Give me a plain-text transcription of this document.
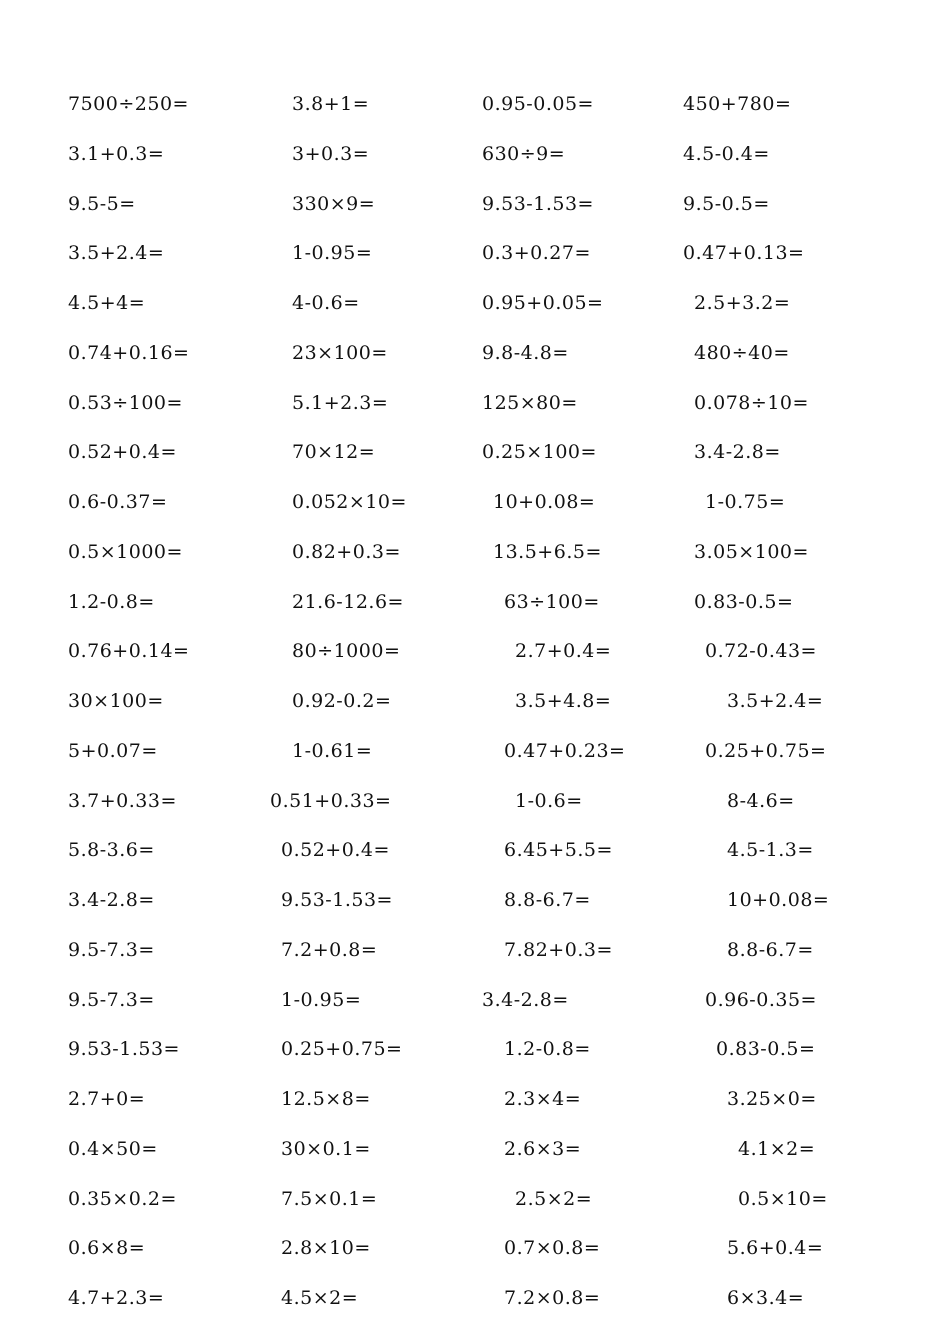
7500÷250=	3.8+1=	0.95-0.05=	450+780=
3.1+0.3=	3+0.3=	630÷9=	4.5-0.4=
9.5-5=	330×9=	9.53-1.53=	9.5-0.5=
3.5+2.4=	1-0.95=	0.3+0.27=	0.47+0.13=
4.5+4=	4-0.6=	0.95+0.05=	2.5+3.2=
0.74+0.16=	23×100=	9.8-4.8=	480÷40=
0.53÷100=	5.1+2.3=	125×80=	0.078÷10=
0.52+0.4=	70×12=	0.25×100=	3.4-2.8=
0.6-0.37=	0.052×10=	10+0.08=	1-0.75=
0.5×1000=	0.82+0.3=	13.5+6.5=	3.05×100=
1.2-0.8=	21.6-12.6=	63÷100=	0.83-0.5=
0.76+0.14=	80÷1000=	2.7+0.4=	0.72-0.43=
30×100=	0.92-0.2=	3.5+4.8=	3.5+2.4=
5+0.07=	1-0.61=	0.47+0.23=	0.25+0.75=
3.7+0.33=	0.51+0.33=	1-0.6=	8-4.6=
5.8-3.6=	0.52+0.4=	6.45+5.5=	4.5-1.3=
3.4-2.8=	9.53-1.53=	8.8-6.7=	10+0.08=
9.5-7.3=	7.2+0.8=	7.82+0.3=	8.8-6.7=
9.5-7.3=	1-0.95=	3.4-2.8=	0.96-0.35=
9.53-1.53=	0.25+0.75=	1.2-0.8=	0.83-0.5=
2.7+0=	12.5×8=	2.3×4=	3.25×0=
0.4×50=	30×0.1=	2.6×3=	4.1×2=
0.35×0.2=	7.5×0.1=	2.5×2=	0.5×10=
0.6×8=	2.8×10=	0.7×0.8=	5.6+0.4=
4.7+2.3=	4.5×2=	7.2×0.8=	6×3.4=
